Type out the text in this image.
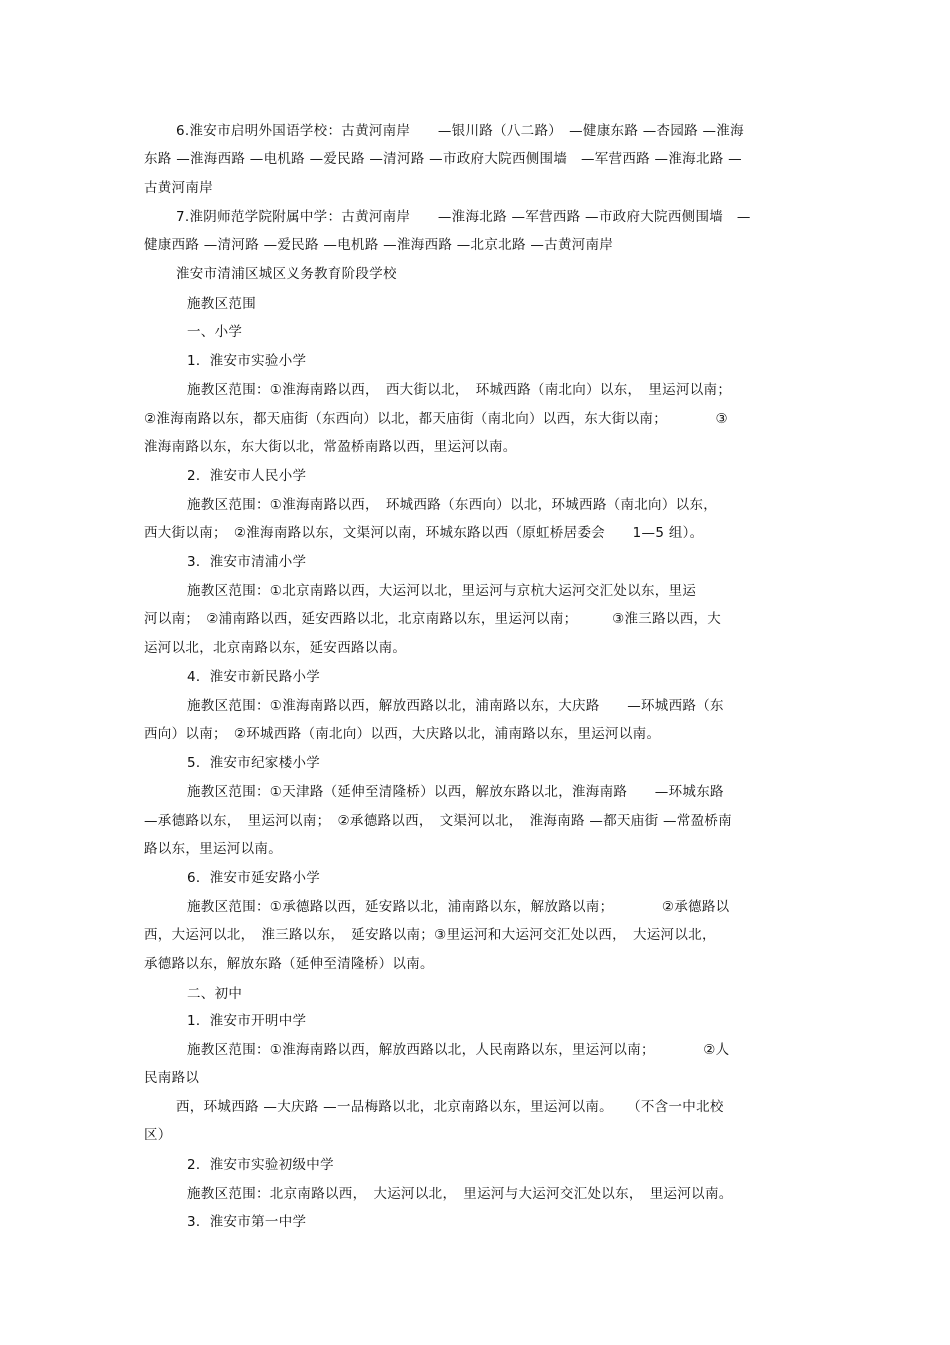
6.淮安市启明外国语学校：古黄河南岸　　—银川路（八二路）　—健康东路 —杏园路 —淮海
东路 —淮海西路 —电机路 —爱民路 —清河路 —市政府大院西侧围墙　—军营西路 —淮海北路 —
古黄河南岸
7.淮阴师范学院附属中学：古黄河南岸　　—淮海北路 —军营西路 —市政府大院西侧围墙　—
健康西路 —清河路 —爱民路 —电机路 —淮海西路 —北京北路 —古黄河南岸
淮安市清浦区城区义务教育阶段学校
施教区范围
一、小学
1．淮安市实验小学
施教区范围：①淮海南路以西，　西大街以北，　环城西路（南北向）以东，　里运河以南；
②淮海南路以东，都天庙街（东西向）以北，都天庙街（南北向）以西，东大街以南；　　　　③
淮海南路以东，东大街以北，常盈桥南路以西，里运河以南。
2．淮安市人民小学
施教区范围：①淮海南路以西，　环城西路（东西向）以北，环城西路（南北向）以东，
西大街以南；　②淮海南路以东，文渠河以南，环城东路以西（原虹桥居委会　　1—5 组）。
3．淮安市清浦小学
施教区范围：①北京南路以西，大运河以北，里运河与京杭大运河交汇处以东，里运
河以南；　②浦南路以西，延安西路以北，北京南路以东，里运河以南；　　　③淮三路以西，大
运河以北，北京南路以东，延安西路以南。
4．淮安市新民路小学
施教区范围：①淮海南路以西，解放西路以北，浦南路以东，大庆路　　—环城西路（东
西向）以南；　②环城西路（南北向）以西，大庆路以北，浦南路以东，里运河以南。
5．淮安市纪家楼小学
施教区范围：①天津路（延伸至清隆桥）以西，解放东路以北，淮海南路　　—环城东路
—承德路以东，　里运河以南；　②承德路以西，　文渠河以北，　淮海南路 —都天庙街 —常盈桥南
路以东，里运河以南。
6．淮安市延安路小学
施教区范围：①承德路以西，延安路以北，浦南路以东，解放路以南；　　　　②承德路以
西，大运河以北，　淮三路以东，　延安路以南；③里运河和大运河交汇处以西，　大运河以北，
承德路以东，解放东路（延伸至清隆桥）以南。
二、初中
1．淮安市开明中学
施教区范围：①淮海南路以西，解放西路以北，人民南路以东，里运河以南；　　　　②人
民南路以
西，环城西路 —大庆路 —一品梅路以北，北京南路以东，里运河以南。　　（不含一中北校
区）
2．淮安市实验初级中学
施教区范围：北京南路以西，　大运河以北，　里运河与大运河交汇处以东，　里运河以南。
3．淮安市第一中学
